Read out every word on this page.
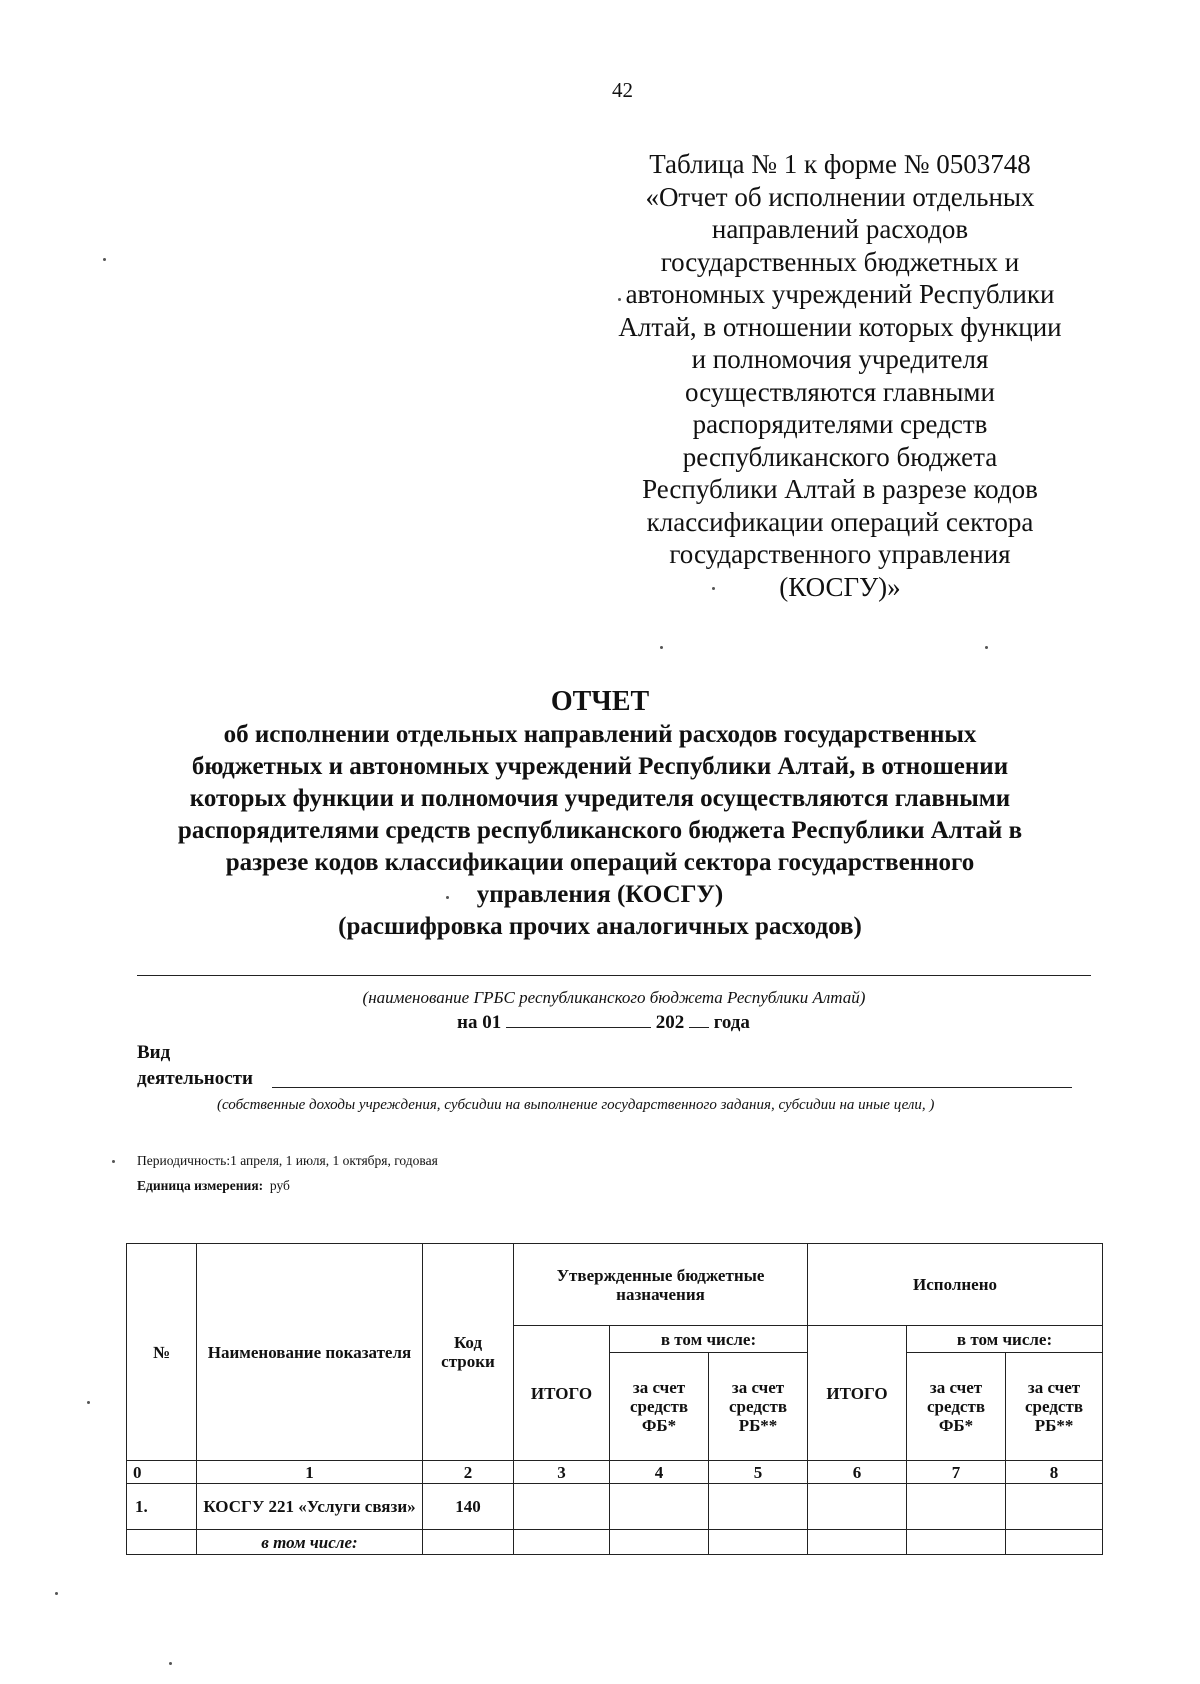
42
Таблица № 1 к форме № 0503748
«Отчет об исполнении отдельных
направлений расходов
государственных бюджетных и
автономных учреждений Республики
Алтай, в отношении которых функции
и полномочия учредителя
осуществляются главными
распорядителями средств
республиканского бюджета
Республики Алтай в разрезе кодов
классификации операций сектора
государственного управления
(КОСГУ)»
ОТЧЕТ
об исполнении отдельных направлений расходов государственных
бюджетных и автономных учреждений Республики Алтай, в отношении
которых функции и полномочия учредителя осуществляются главными
распорядителями средств республиканского бюджета Республики Алтай в
разрезе кодов классификации операций сектора государственного
управления (КОСГУ)
(расшифровка прочих аналогичных расходов)
(наименование ГРБС республиканского бюджета Республики Алтай)
на 01	202 года
Вид
деятельности
(собственные доходы учреждения, субсидии на выполнение государственного задания, субсидии на иные цели, )
Периодичность:1 апреля, 1 июля, 1 октября, годовая
Единица измерения: руб
№	Наименование показателя	Код строки	Утвержденные бюджетные назначения			Исполнено		
			ИТОГО	в том числе:		ИТОГО	в том числе:	
				за счет средств ФБ*	за счет средств РБ**		за счет средств ФБ*	за счет средств РБ**
0	1	2	3	4	5	6	7	8
1.	КОСГУ 221 «Услуги связи»	140						
	в том числе:							
